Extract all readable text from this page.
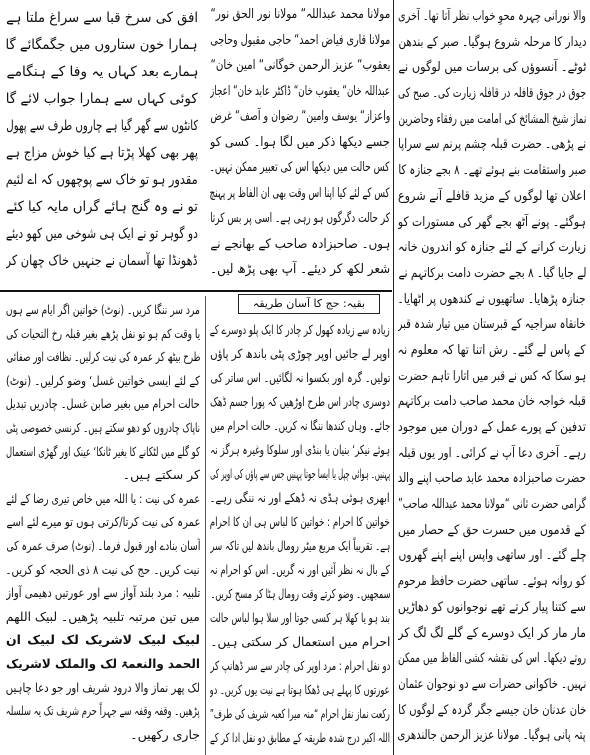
والا نورانی چہرہ محوِ خواب نظر آتا تھا۔ آخری
دیدار کا مرحلہ شروع ہوگیا۔ صبر کے بندھن
ٹوٹے۔ آنسوؤں کی برسات میں لوگوں نے
جوق در جوق قافلہ در قافلہ زیارت کی۔ صبح کی
نماز شیخ المشائخ کی امامت میں رفقاء وحاضرین
نے پڑھی۔ حضرت قبلہ چشم پرنم سے سراپا
صبر واستقامت بنے ہوئے تھے۔ ۸ بجے جنازہ کا
اعلان تھا لوگوں کے مزید قافلے آنے شروع
ہوگئے۔ پونے آٹھ بجے گھر کی مستورات کو
زیارت کرانے کے لئے جنازہ کو اندرون خانہ
لے جایا گیا۔ ۸ بجے حضرت دامت برکاتہم نے
جنازہ پڑھایا۔ ساتھیوں نے کندھوں پر اٹھایا۔
خانقاہ سراجیہ کے قبرستان میں تیار شدہ قبر
کے پاس لے گئے۔ رش اتنا تھا کہ معلوم نہ
ہو سکا کہ کس نے قبر میں اتارا تاہم حضرت
قبلہ خواجہ خان محمد صاحب دامت برکاتہم
تدفین کے پورے عمل کے دوران میں موجود
رہے۔ آخری دعا آپ نے کرائی۔ اور یوں قبلہ
حضرت صاحبزادہ محمد عابد صاحب اپنے والد
گرامی حضرت ثانی “مولانا محمد عبداللہ صاحب”
کے قدموں میں حسرت حق کے حصار میں
چلے گئے۔ اور ساتھی واپس اپنے اپنے گھروں
کو روانہ ہوئے۔ ساتھی حضرت حافظ مرحوم
سے کتنا پیار کرتے تھے نوجوانوں کو دھاڑیں
مار مار کر ایک دوسرے کے گلے لگ لگ کر
روتے دیکھا۔ اس کی نقشہ کشی الفاظ میں ممکن
نہیں۔ خاکوانی حضرات سے دو نوجوان عثمان
خان عدنان خان جیسے جگر گردہ کے لوگوں کا
پتہ پانی ہوگیا۔ مولانا عزیز الرحمن جالندھری
مولانا محمد عبداللہ“ مولانا نور الحق نور“
مولانا قاری فیاض احمد“ حاجی مقبول وحاجی
یعقوب“ عزیز الرحمن خوگانی“ امین خان“
عبداللہ خان“ یعقوب خان“ ڈاکٹر عابد خان“ اعجاز
واعزاز“ یوسف وامین“ رضوان و آصف“ غرض
جسے دیکھا ذکر میں لگا ہوا۔ کسی کو
کس حالت میں دیکھا اس کی تعبیر ممکن نہیں۔
کس کے لئے کیا اپنا اس وقت بھی ان الفاظ پر پہنچ
کر حالت دگرگوں ہو رہی ہے۔ اسی پر بس کرتا
ہوں۔ صاحبزادہ صاحب کے بھانجے نے
شعر لکھ کر دیئے۔ آپ بھی پڑھ لیں۔
افق کی سرخ قبا سے سراغ ملتا ہے
ہمارا خون ستاروں میں جگمگائے گا
ہمارے بعد کہاں یہ وفا کے ہنگامے
کوئی کہاں سے ہمارا جواب لائے گا
کانٹوں سے گھر گیا ہے چاروں طرف سے پھول
پھر بھی کھلا پڑتا ہے کیا خوش مزاج ہے
مقدور ہو تو خاک سے پوچھوں کہ اے لئیم
تو نے وہ گنج ہائے گراں مایہ کیا کئے
دو گوہر تو نے ایک ہی شوخی میں کھو دیئے
ڈھونڈا تھا آسمان نے جنہیں خاک چھان کر
بقیہ: حج کا آسان طریقہ
زیادہ سے زیادہ کھول کر چادر کا ایک پلو دوسرے کے
اوپر لے جائیں اوپر چوڑی پٹی باندھ کر پاؤں
تولیں۔ گرہ اور بکسوا نہ لگائیں۔ اس ساتر کی
دوسری چادر اس طرح اوڑھیں کہ پورا جسم ڈھک
جائے۔ وہاں کندھا ننگا نہ کریں۔ حالت احرام میں
ہوئے نیکر‘ بنیان یا بنڈی اور سلوکا وغیرہ ہرگز نہ
پہنیں۔ ہوائی چپل یا ایسا جوتا پہنیں جس سے پاؤں کی اوپر کی
ابھری ہوئی ہڈی نہ ڈھکے اور نہ ننگی رہے۔
خواتین کا احرام : خواتین کا لباس ہی ان کا احرام
ہے۔ تقریباً ایک مربع میٹر رومال باندھ لیں تاکہ سر
کے بال نہ نظر آئیں اور نہ گریں۔ اس کو احرام نہ
سمجھیں۔ وضو کرتے وقت رومال ہٹا کر مسح کریں۔
بند ہو یا کھلا ہر کسی جوتا اور سلا ہوا لباس حالت
احرام میں استعمال کر سکتی ہیں۔
دو نفل احرام : مرد اوپر کی چادر سے سر ڈھانپ کر
عورتوں کا پہلے ہی ڈھکا ہوتا ہے نیت یوں کریں۔ دو
رکعت نماز نفل احرام “منہ میرا کعبہ شریف کی طرف”
اللہ اکبر درج شدہ طریقہ کے مطابق دو نفل ادا کر کے
مرد سر ننگا کریں۔ (نوٹ) خواتین اگر ایام سے ہوں
یا وقت کم ہو تو نفل پڑھے بغیر قبلہ رخ التحیات کی
طرح بیٹھ کر عمرہ کی نیت کرلیں۔ نظافت اور صفائی
کے لئے ایسی خواتین غسل‘ وضو کرلیں۔ (نوٹ)
حالت احرام میں بغیر صابن غسل۔ چادریں تبدیل
ناپاک چادروں کو دھو سکتے ہیں۔ کرنسی خصوصی پٹی
کو گلے میں لٹکانے کا بغیر ٹانکا‘ عینک اور گھڑی استعمال
کر سکتے ہیں۔
عمرہ کی نیت : یا اللہ میں خاص تیری رضا کے لئے
عمرہ کی نیت کرتا/کرتی ہوں تو میرے لئے اسے
آسان بنادے اور قبول فرما۔ (نوٹ) صرف عمرہ کی
نیت کریں۔ حج کی نیت ۸ ذی الحجہ کو کریں۔
تلبیہ : مرد بلند آواز سے اور عورتیں دھیمی آواز
میں تین مرتبہ تلبیہ پڑھیں۔ لبیک اللھم
لبیک لبیک لاشریک لک لبیک ان
الحمد والنعمۃ لک والملک لاشریک
لک پھر نماز والا درود شریف اور جو دعا چاہیں
پڑھیں۔ وقفہ وقفہ سے جہراً حرم شریف تک یہ سلسلہ
جاری رکھیں۔
